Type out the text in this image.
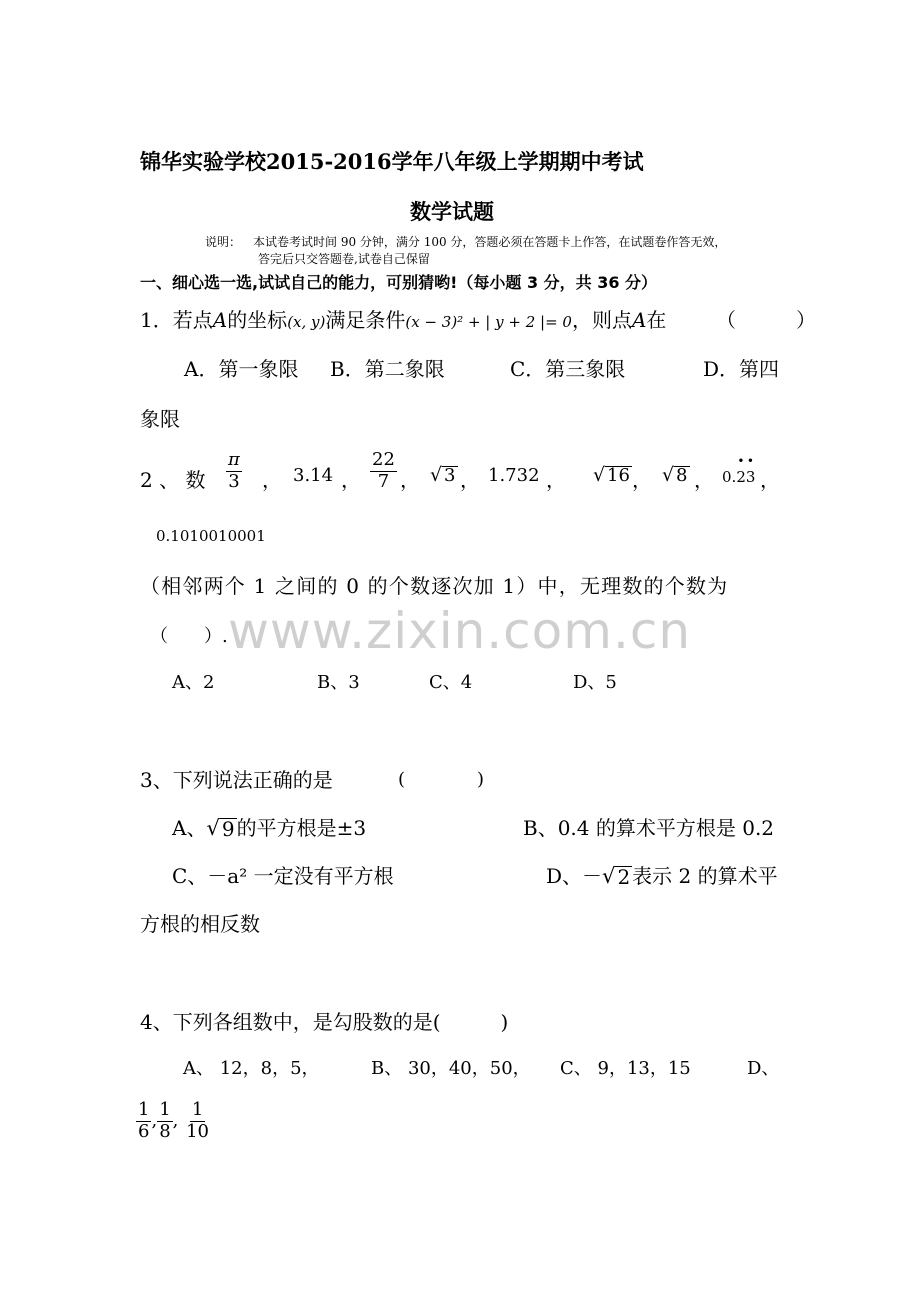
www.zixin.com.cn
锦华实验学校2015-2016学年八年级上学期期中考试
数学试题
说明： 本试卷考试时间 90 分钟，满分 100 分，答题必须在答题卡上作答，在试题卷作答无效，
答完后只交答题卷,试卷自己保留
一、细心选一选,试试自己的能力，可别猜哟!（每小题 3 分，共 36 分）
1．若点A的坐标(x, y)满足条件(x − 3)² + | y + 2 |= 0，则点A在 （　　　）
A．第一象限 B．第二象限	C．第三象限	D．第四
象限
2 、 数 $\frac{\pi}{3}$ ， 3.14 ， $\frac{22}{7}$ ， √ 3 ， 1.732 ， √ 16 ， √ 8 ， 0.• 2• 3 ，
0.1010010001
（相邻两个 1 之间的 0 的个数逐次加 1）中，无理数的个数为
（　　）.
A、2	B、3	C、4	D、5
3、下列说法正确的是	(　　　　)
A、 √ 9 的平方根是±3	B、0.4 的算术平方根是 0.2
C、－a² 一定没有平方根	D、－ √ 2 表示 2 的算术平
方根的相反数
4、下列各组数中，是勾股数的是(　　　)
A、 12，8，5，	B、 30，40，50， C、 9，13，15	D、
$\frac{1}{6}$ , $\frac{1}{8}$ , $\frac{1}{10}$
